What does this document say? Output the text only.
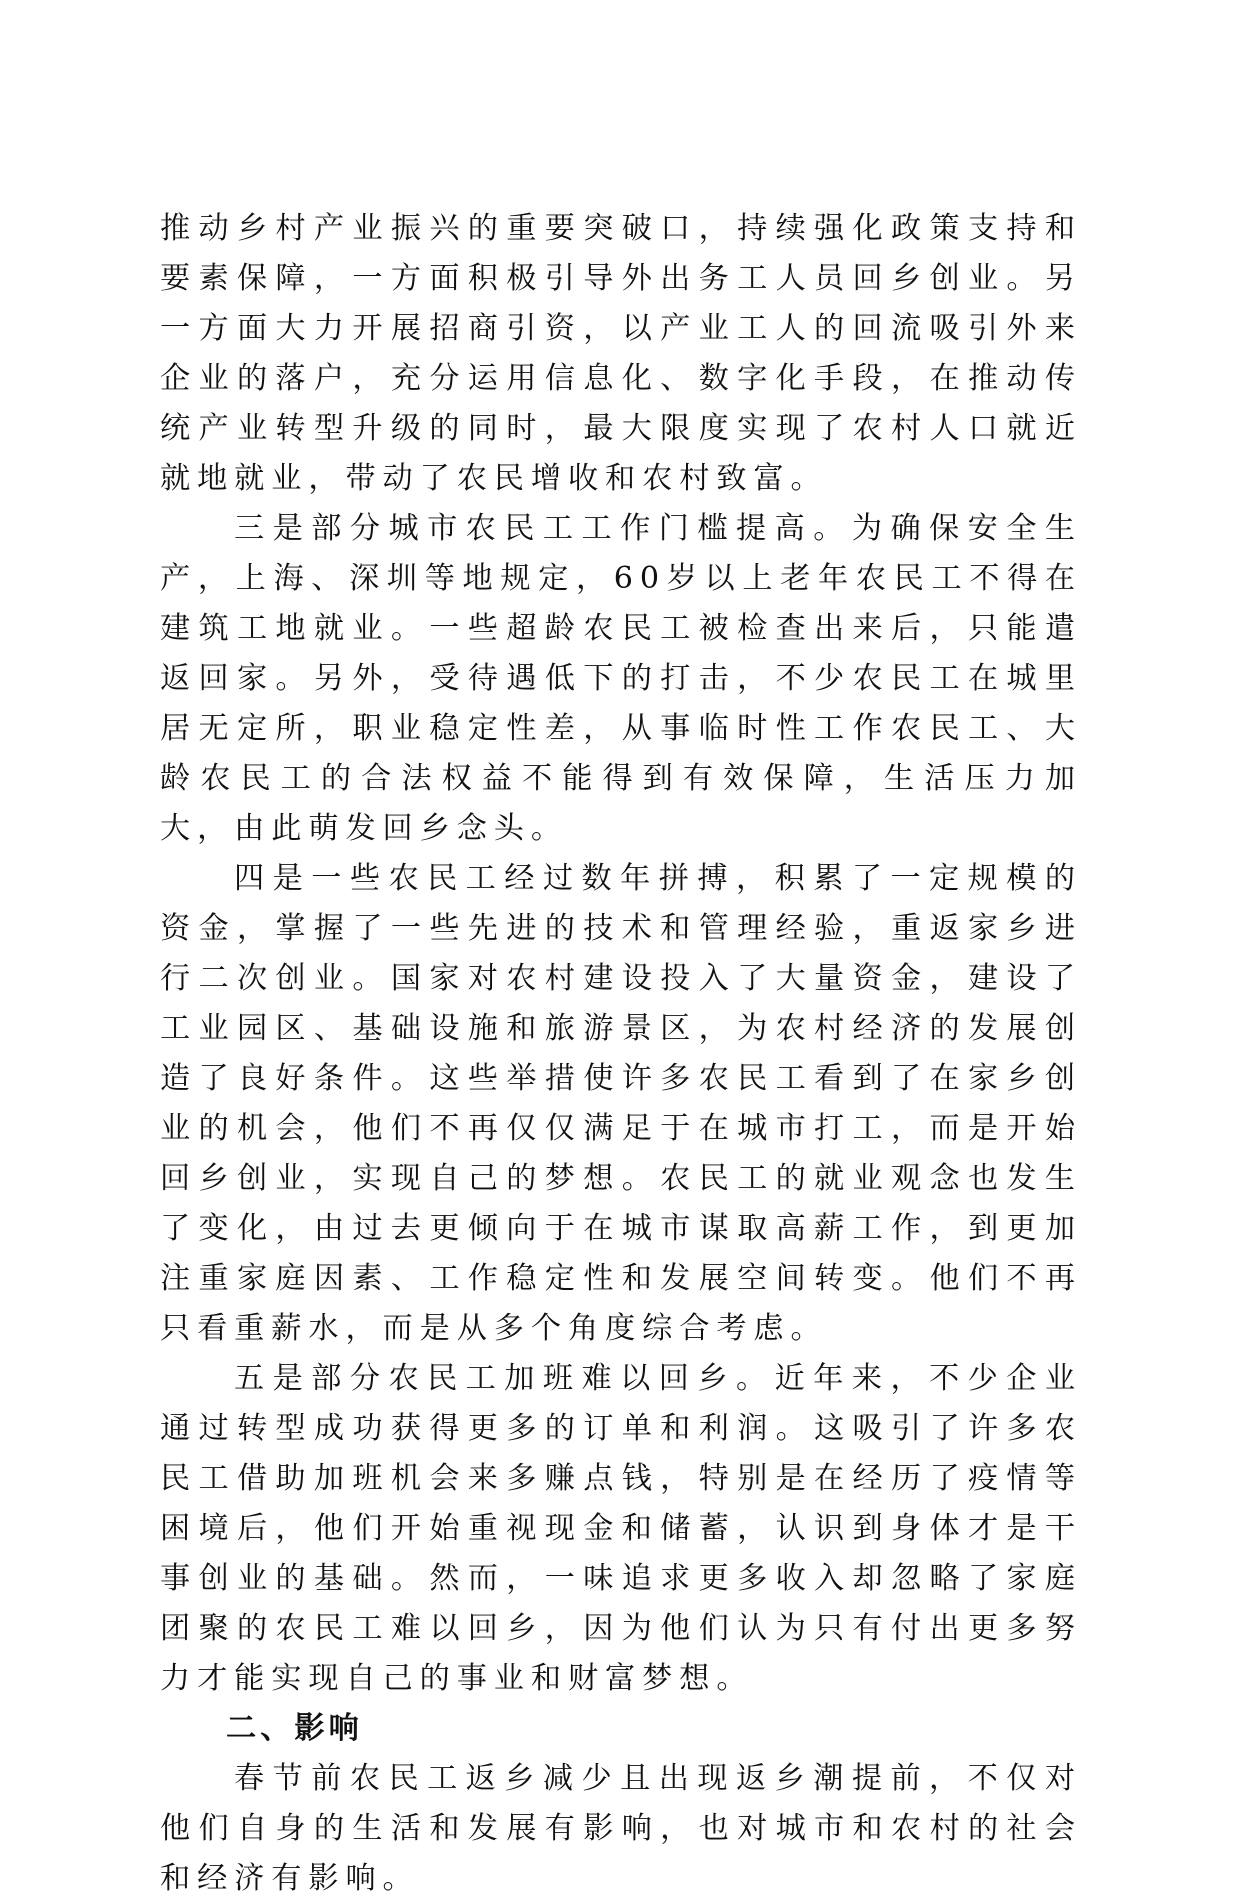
推动乡村产业振兴的重要突破口，持续强化政策支持和要素保障，一方面积极引导外出务工人员回乡创业。另一方面大力开展招商引资，以产业工人的回流吸引外来企业的落户，充分运用信息化、数字化手段，在推动传统产业转型升级的同时，最大限度实现了农村人口就近就地就业，带动了农民增收和农村致富。

三是部分城市农民工工作门槛提高。为确保安全生产，上海、深圳等地规定，60岁以上老年农民工不得在建筑工地就业。一些超龄农民工被检查出来后，只能遣返回家。另外，受待遇低下的打击，不少农民工在城里居无定所，职业稳定性差，从事临时性工作农民工、大龄农民工的合法权益不能得到有效保障，生活压力加大，由此萌发回乡念头。

四是一些农民工经过数年拼搏，积累了一定规模的资金，掌握了一些先进的技术和管理经验，重返家乡进行二次创业。国家对农村建设投入了大量资金，建设了工业园区、基础设施和旅游景区，为农村经济的发展创造了良好条件。这些举措使许多农民工看到了在家乡创业的机会，他们不再仅仅满足于在城市打工，而是开始回乡创业，实现自己的梦想。农民工的就业观念也发生了变化，由过去更倾向于在城市谋取高薪工作，到更加注重家庭因素、工作稳定性和发展空间转变。他们不再只看重薪水，而是从多个角度综合考虑。

五是部分农民工加班难以回乡。近年来，不少企业通过转型成功获得更多的订单和利润。这吸引了许多农民工借助加班机会来多赚点钱，特别是在经历了疫情等困境后，他们开始重视现金和储蓄，认识到身体才是干事创业的基础。然而，一味追求更多收入却忽略了家庭团聚的农民工难以回乡，因为他们认为只有付出更多努力才能实现自己的事业和财富梦想。

二、影响

春节前农民工返乡减少且出现返乡潮提前，不仅对他们自身的生活和发展有影响，也对城市和农村的社会和经济有影响。
